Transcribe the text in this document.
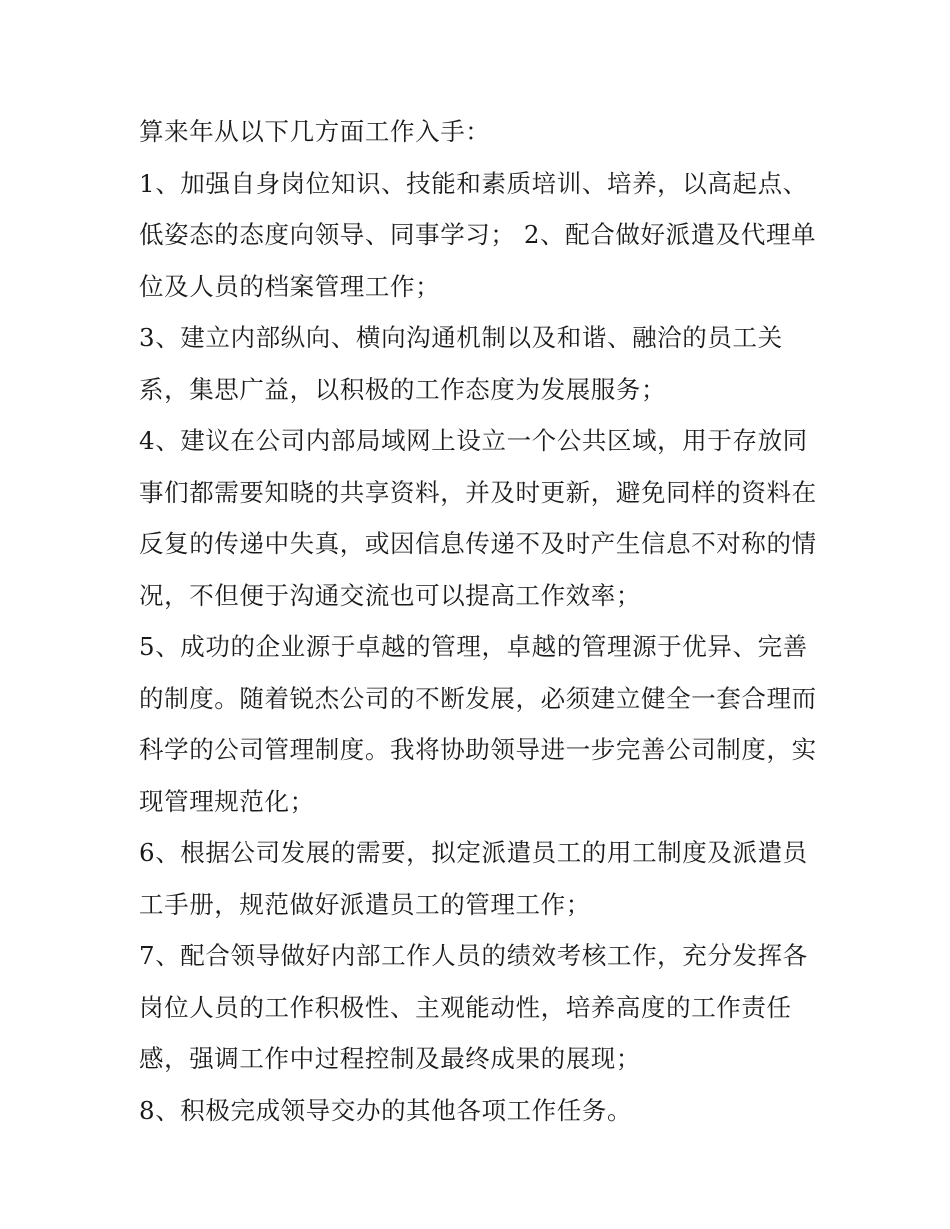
算来年从以下几方面工作入手：
1、加强自身岗位知识、技能和素质培训、培养，以高起点、
低姿态的态度向领导、同事学习； 2、配合做好派遣及代理单
位及人员的档案管理工作；
3、建立内部纵向、横向沟通机制以及和谐、融洽的员工关
系，集思广益，以积极的工作态度为发展服务；
4、建议在公司内部局域网上设立一个公共区域，用于存放同
事们都需要知晓的共享资料，并及时更新，避免同样的资料在
反复的传递中失真，或因信息传递不及时产生信息不对称的情
况，不但便于沟通交流也可以提高工作效率；
5、成功的企业源于卓越的管理，卓越的管理源于优异、完善
的制度。随着锐杰公司的不断发展，必须建立健全一套合理而
科学的公司管理制度。我将协助领导进一步完善公司制度，实
现管理规范化；
6、根据公司发展的需要，拟定派遣员工的用工制度及派遣员
工手册，规范做好派遣员工的管理工作；
7、配合领导做好内部工作人员的绩效考核工作，充分发挥各
岗位人员的工作积极性、主观能动性，培养高度的工作责任
感，强调工作中过程控制及最终成果的展现；
8、积极完成领导交办的其他各项工作任务。
